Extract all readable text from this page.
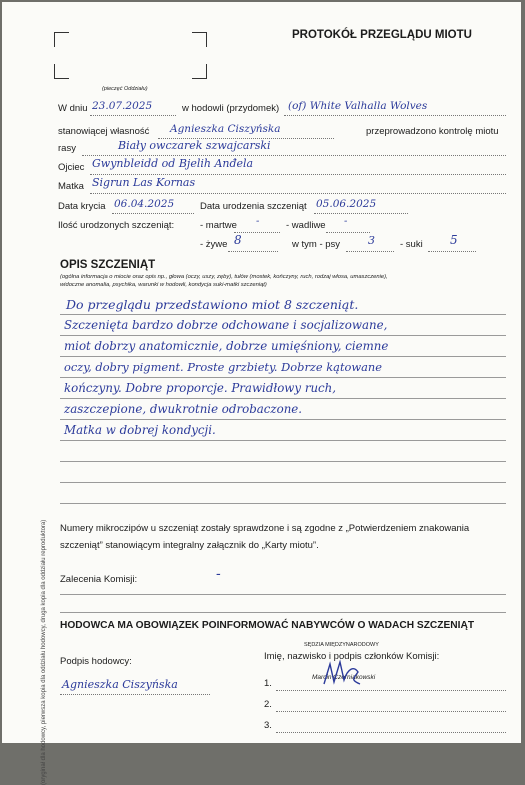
(pieczęć Oddziału)
PROTOKÓŁ PRZEGLĄDU MIOTU
W dniu 23.07.2025	w hodowli (przydomek) (of) White Valhalla Wolves
stanowiącej własność Agnieszka Ciszyńska	przeprowadzono kontrolę miotu
rasy	Biały owczarek szwajcarski
Ojciec Gwynbleidd od Bjelih Anđela
Matka Sigrun Las Kornas
Data krycia 06.04.2025	Data urodzenia szczeniąt 05.06.2025
Ilość urodzonych szczeniąt:	- martwe -	- wadliwe -
- żywe 8	w tym - psy	3	- suki 5
OPIS SZCZENIĄT
(ogólna informacja o miocie oraz opis np., głowa (oczy, uszy, zęby), tułów (mostek, kończyny, ruch, rodzaj włosa, umaszczenie),
widoczne anomalia, psychika, warunki w hodowli, kondycja suki-matki szczeniąt)
Do przeglądu przedstawiono miot 8 szczeniąt.
Szczenięta bardzo dobrze odchowane i socjalizowane,
miot dobrzy anatomicznie, dobrze umięśniony, ciemne
oczy, dobry pigment. Proste grzbiety. Dobrze kątowane
kończyny. Dobre proporcje. Prawidłowy ruch,
zaszczepione, dwukrotnie odrobaczone.
Matka w dobrej kondycji.
Numery mikroczipów u szczeniąt zostały sprawdzone i są zgodne z „Potwierdzeniem znakowania
szczeniąt” stanowiącym integralny załącznik do „Karty miotu”.
Zalecenia Komisji:	-
HODOWCA MA OBOWIĄZEK POINFORMOWAĆ NABYWCÓW O WADACH SZCZENIĄT
Podpis hodowcy:
Agnieszka Ciszyńska
Imię, nazwisko i podpis członków Komisji:
SĘDZIA MIĘDZYNARODOWY
Marcin Czerniakowski
1.
2.
3.
(oryginał dla hodowcy, pierwsza kopia dla oddziału hodowcy, druga kopia dla oddziału reproduktora)
